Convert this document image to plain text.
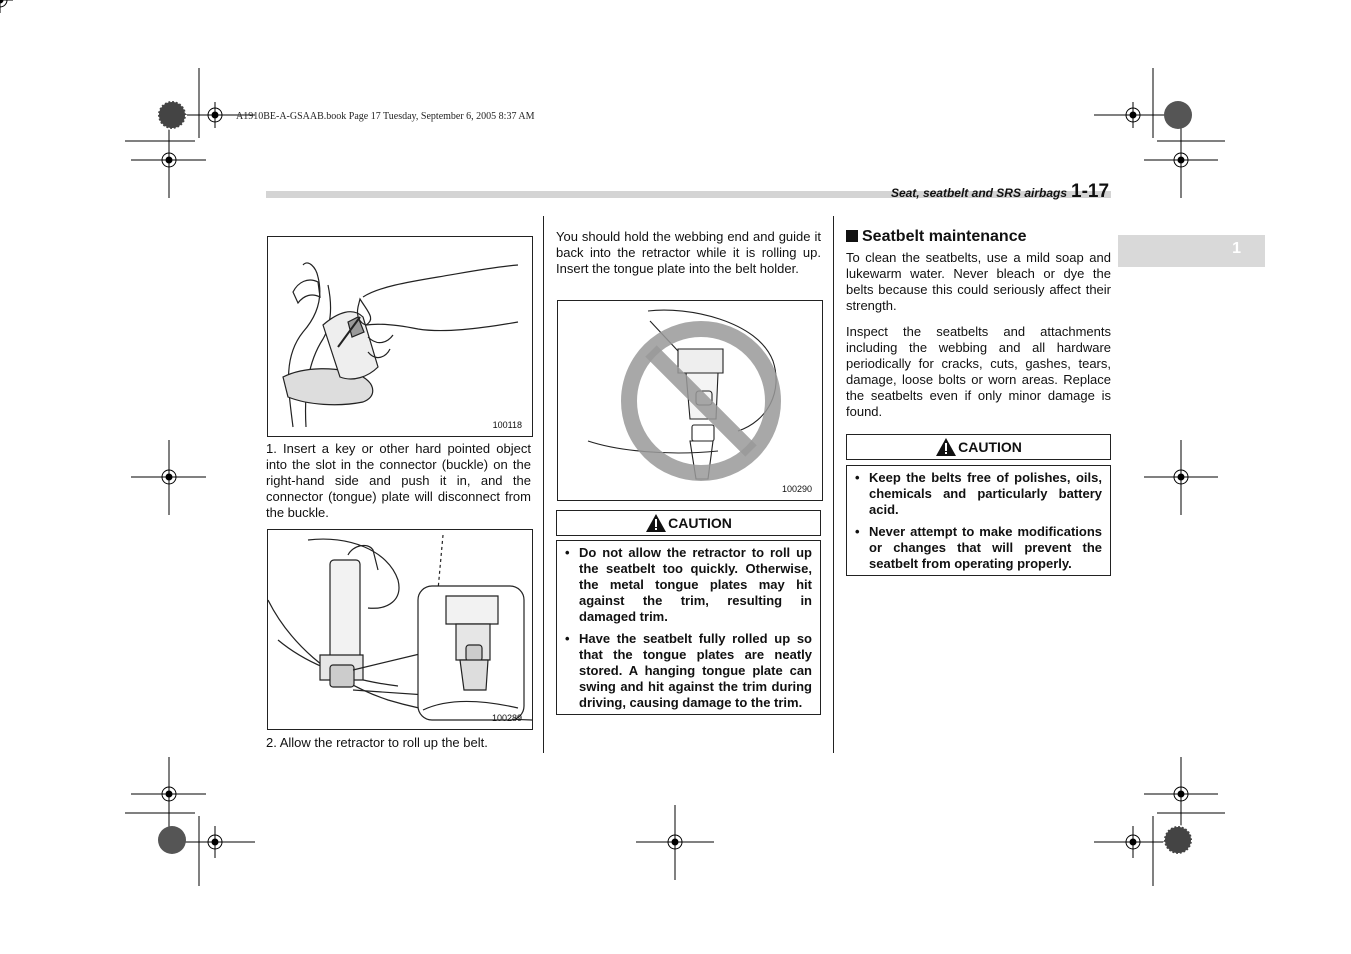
A1910BE-A-GSAAB.book Page 17 Tuesday, September 6, 2005 8:37 AM
Seat, seatbelt and SRS airbags 1-17
1
100118
1. Insert a key or other hard pointed object into the slot in the connector (buckle) on the right-hand side and push it in, and the connector (tongue) plate will disconnect from the buckle.
100289
2. Allow the retractor to roll up the belt.
You should hold the webbing end and guide it back into the retractor while it is rolling up. Insert the tongue plate into the belt holder.
100290
CAUTION
• Do not allow the retractor to roll up the seatbelt too quickly. Otherwise, the metal tongue plates may hit against the trim, resulting in damaged trim.
• Have the seatbelt fully rolled up so that the tongue plates are neatly stored. A hanging tongue plate can swing and hit against the trim during driving, causing damage to the trim.
Seatbelt maintenance
To clean the seatbelts, use a mild soap and lukewarm water. Never bleach or dye the belts because this could seriously affect their strength.
Inspect the seatbelts and attachments including the webbing and all hardware periodically for cracks, cuts, gashes, tears, damage, loose bolts or worn areas. Replace the seatbelts even if only minor damage is found.
CAUTION
• Keep the belts free of polishes, oils, chemicals and particularly battery acid.
• Never attempt to make modifications or changes that will prevent the seatbelt from operating properly.
